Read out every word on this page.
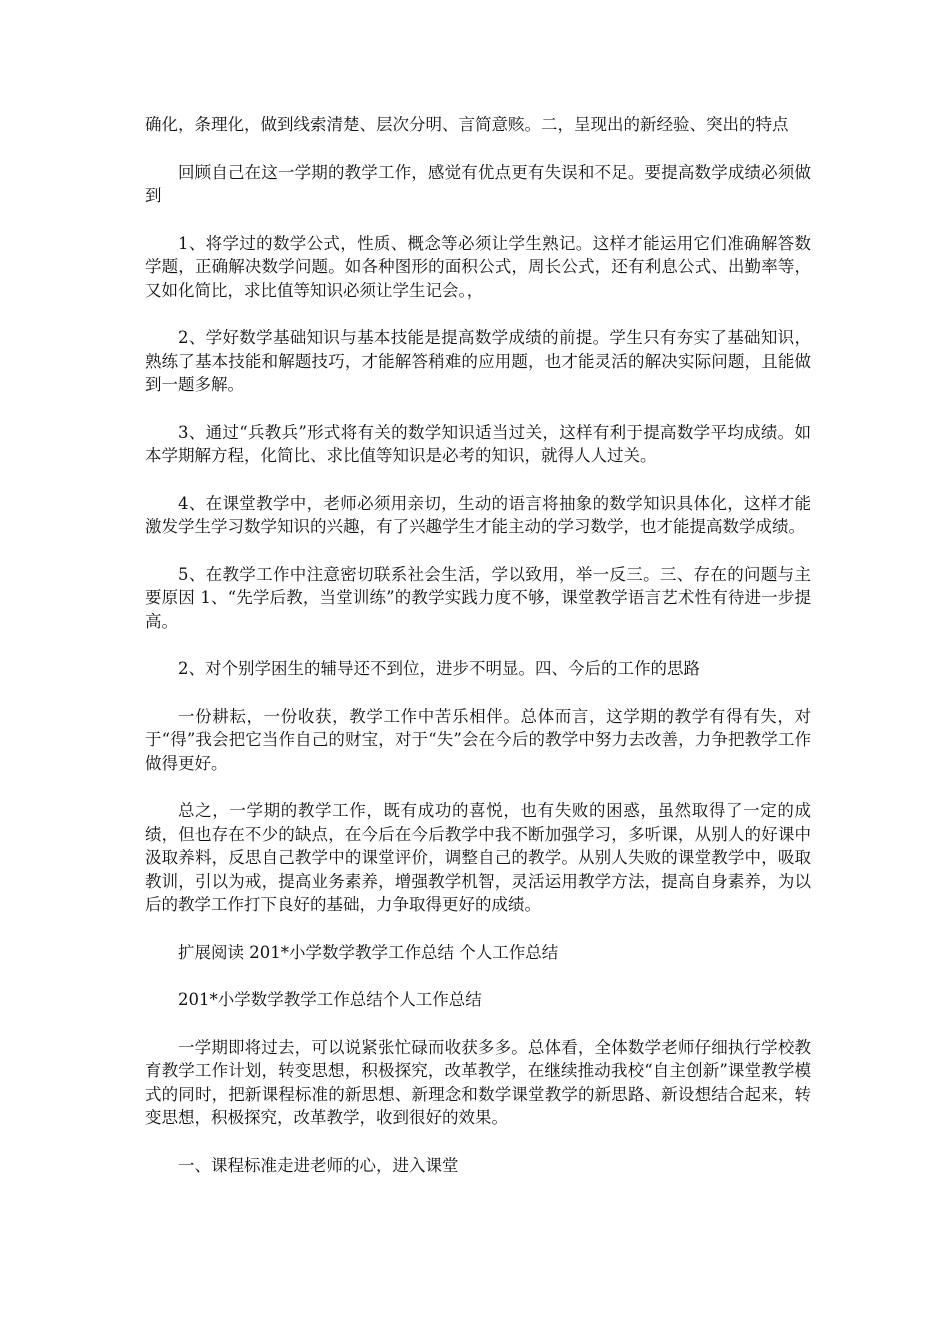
确化，条理化，做到线索清楚、层次分明、言简意赅。二，呈现出的新经验、突出的特点

回顾自己在这一学期的教学工作，感觉有优点更有失误和不足。要提高数学成绩必须做到

1、将学过的数学公式，性质、概念等必须让学生熟记。这样才能运用它们准确解答数学题，正确解决数学问题。如各种图形的面积公式，周长公式，还有利息公式、出勤率等，又如化简比，求比值等知识必须让学生记会。，

2、学好数学基础知识与基本技能是提高数学成绩的前提。学生只有夯实了基础知识，熟练了基本技能和解题技巧，才能解答稍难的应用题，也才能灵活的解决实际问题，且能做到一题多解。

3、通过“兵教兵”形式将有关的数学知识适当过关，这样有利于提高数学平均成绩。如本学期解方程，化简比、求比值等知识是必考的知识，就得人人过关。

4、在课堂教学中，老师必须用亲切，生动的语言将抽象的数学知识具体化，这样才能激发学生学习数学知识的兴趣，有了兴趣学生才能主动的学习数学，也才能提高数学成绩。

5、在教学工作中注意密切联系社会生活，学以致用，举一反三。三、存在的问题与主要原因 1、“先学后教，当堂训练”的教学实践力度不够，课堂教学语言艺术性有待进一步提高。

2、对个别学困生的辅导还不到位，进步不明显。四、今后的工作的思路

一份耕耘，一份收获，教学工作中苦乐相伴。总体而言，这学期的教学有得有失，对于“得”我会把它当作自己的财宝，对于“失”会在今后的教学中努力去改善，力争把教学工作做得更好。

总之，一学期的教学工作，既有成功的喜悦，也有失败的困惑，虽然取得了一定的成绩，但也存在不少的缺点，在今后在今后教学中我不断加强学习，多听课，从别人的好课中汲取养料，反思自己教学中的课堂评价，调整自己的教学。从别人失败的课堂教学中，吸取教训，引以为戒，提高业务素养，增强教学机智，灵活运用教学方法，提高自身素养，为以后的教学工作打下良好的基础，力争取得更好的成绩。

扩展阅读 201*小学数学教学工作总结 个人工作总结

201*小学数学教学工作总结个人工作总结

一学期即将过去，可以说紧张忙碌而收获多多。总体看，全体数学老师仔细执行学校教育教学工作计划，转变思想，积极探究，改革教学，在继续推动我校“自主创新”课堂教学模式的同时，把新课程标准的新思想、新理念和数学课堂教学的新思路、新设想结合起来，转变思想，积极探究，改革教学，收到很好的效果。

一、课程标准走进老师的心，进入课堂
